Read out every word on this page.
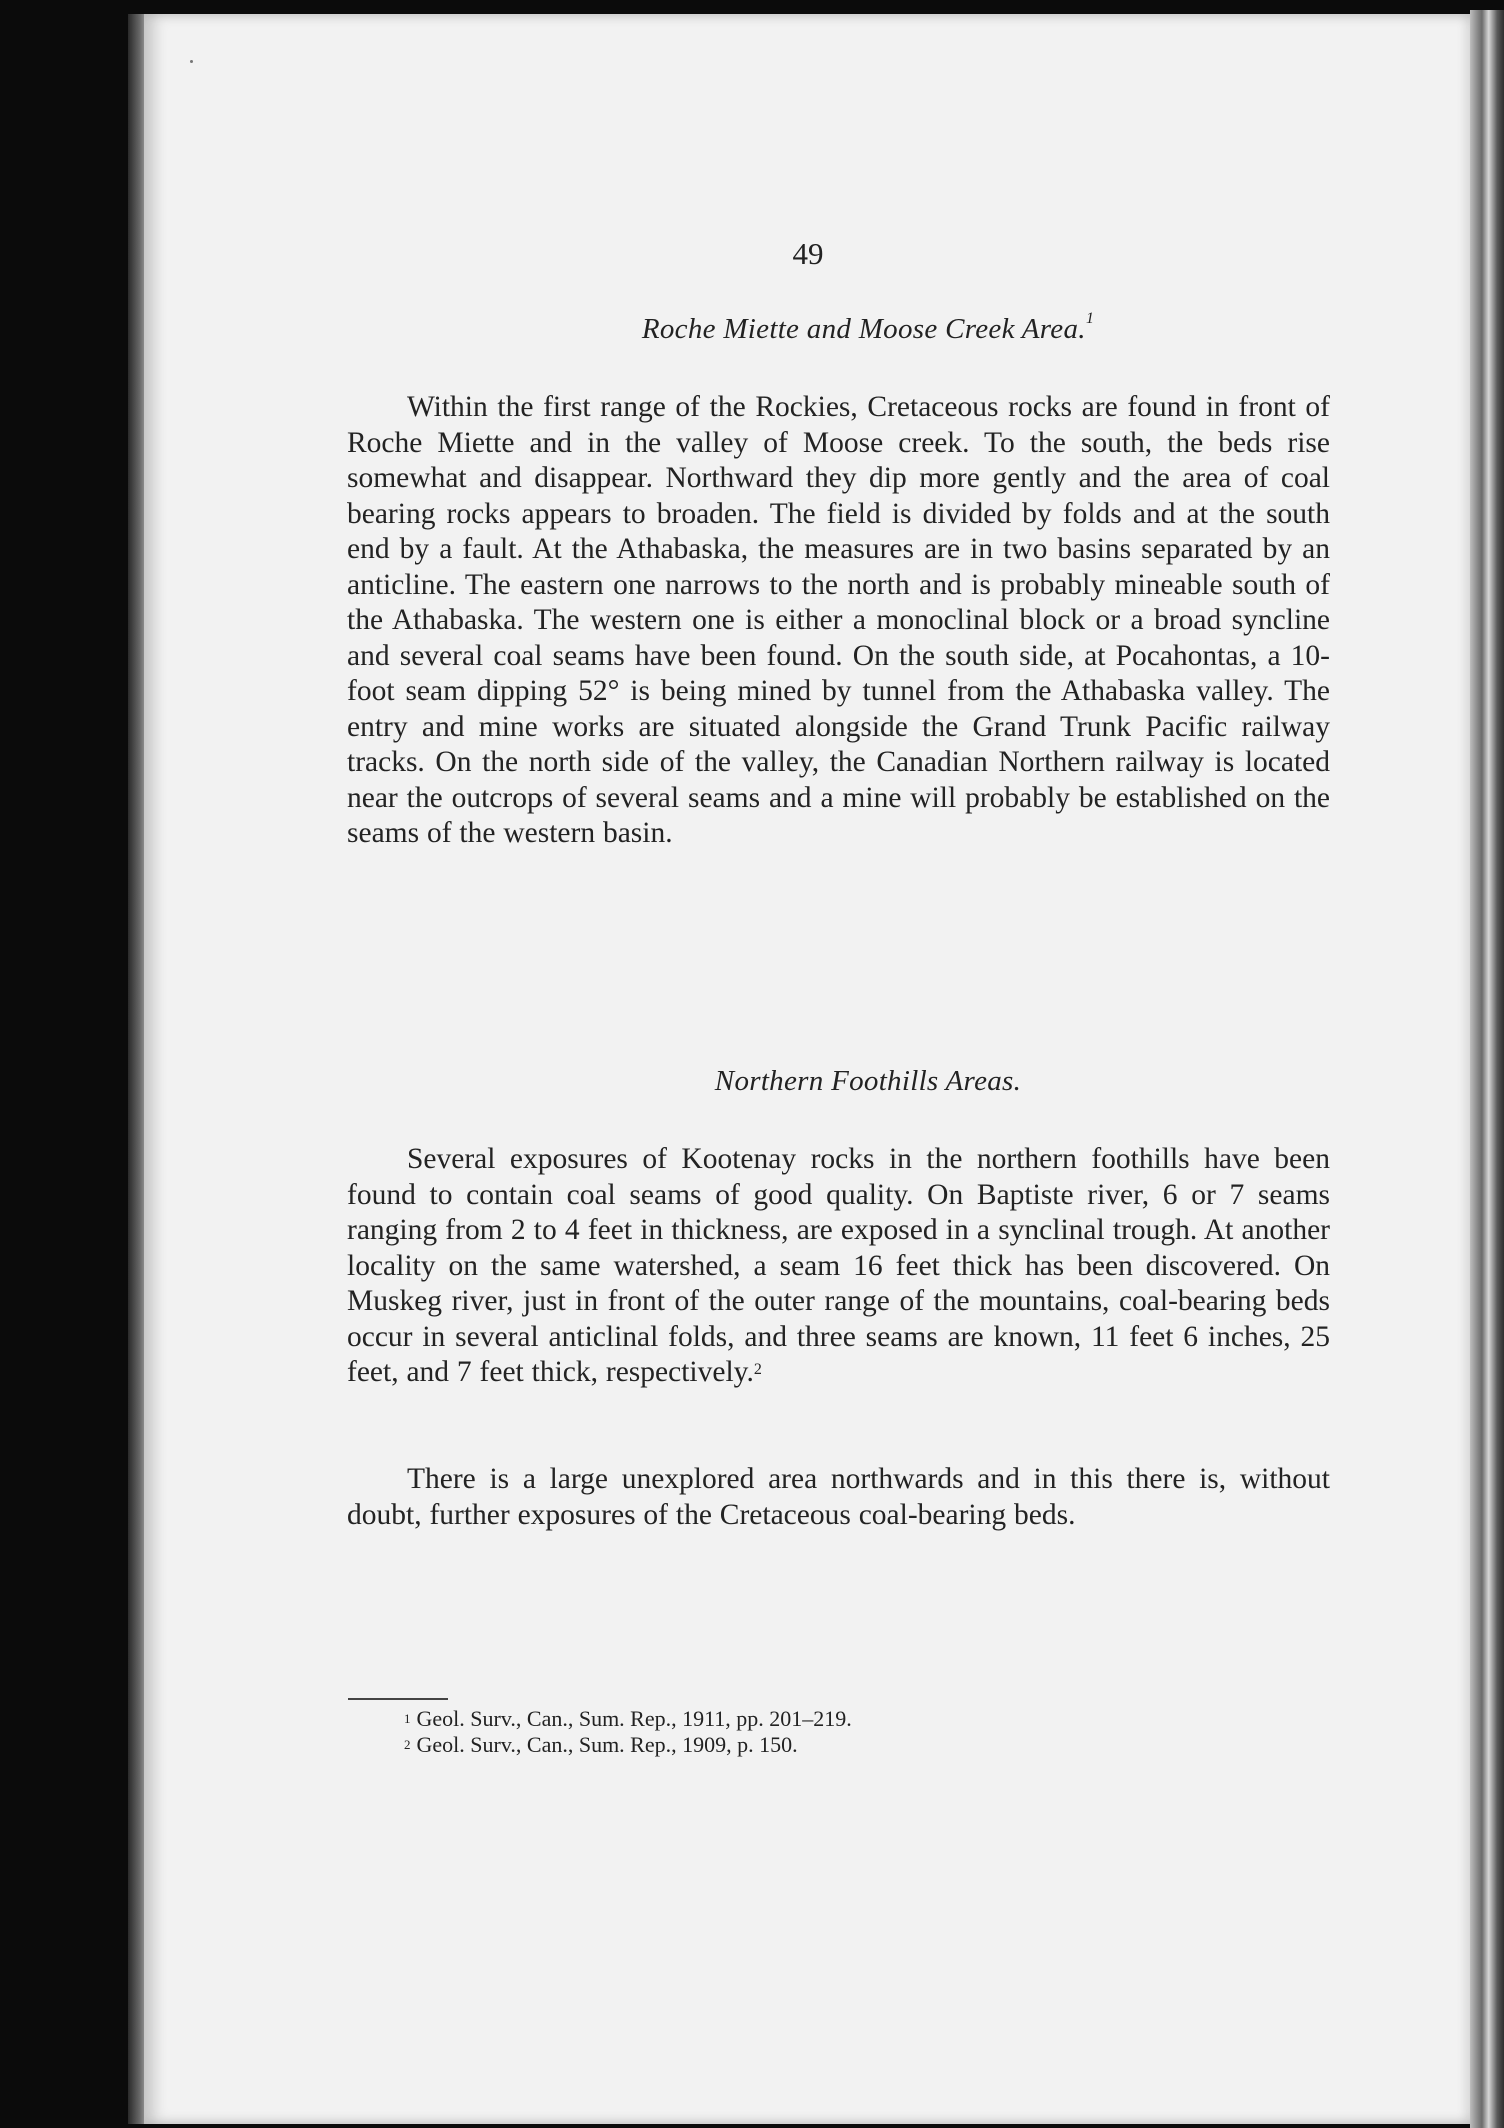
49
Roche Miette and Moose Creek Area.$^1$

Within the first range of the Rockies, Cretaceous rocks are found in front of Roche Miette and in the valley of Moose creek. To the south, the beds rise somewhat and disappear. Northward they dip more gently and the area of coal bearing rocks appears to broaden. The field is divided by folds and at the south end by a fault. At the Athabaska, the measures are in two basins separated by an anticline. The eastern one narrows to the north and is probably mineable south of the Athabaska. The western one is either a monoclinal block or a broad syncline and several coal seams have been found. On the south side, at Pocahontas, a 10-foot seam dipping 52° is being mined by tunnel from the Athabaska valley. The entry and mine works are situated alongside the Grand Trunk Pacific railway tracks. On the north side of the valley, the Canadian Northern railway is located near the outcrops of several seams and a mine will probably be established on the seams of the western basin.

Northern Foothills Areas.

Several exposures of Kootenay rocks in the northern foothills have been found to contain coal seams of good quality. On Baptiste river, 6 or 7 seams ranging from 2 to 4 feet in thickness, are exposed in a synclinal trough. At another locality on the same watershed, a seam 16 feet thick has been discovered. On Muskeg river, just in front of the outer range of the mountains, coal-bearing beds occur in several anticlinal folds, and three seams are known, 11 feet 6 inches, 25 feet, and 7 feet thick, respectively.$^2$

There is a large unexplored area northwards and in this there is, without doubt, further exposures of the Cretaceous coal-bearing beds.

$^1$ Geol. Surv., Can., Sum. Rep., 1911, pp. 201–219.
$^2$ Geol. Surv., Can., Sum. Rep., 1909, p. 150.
